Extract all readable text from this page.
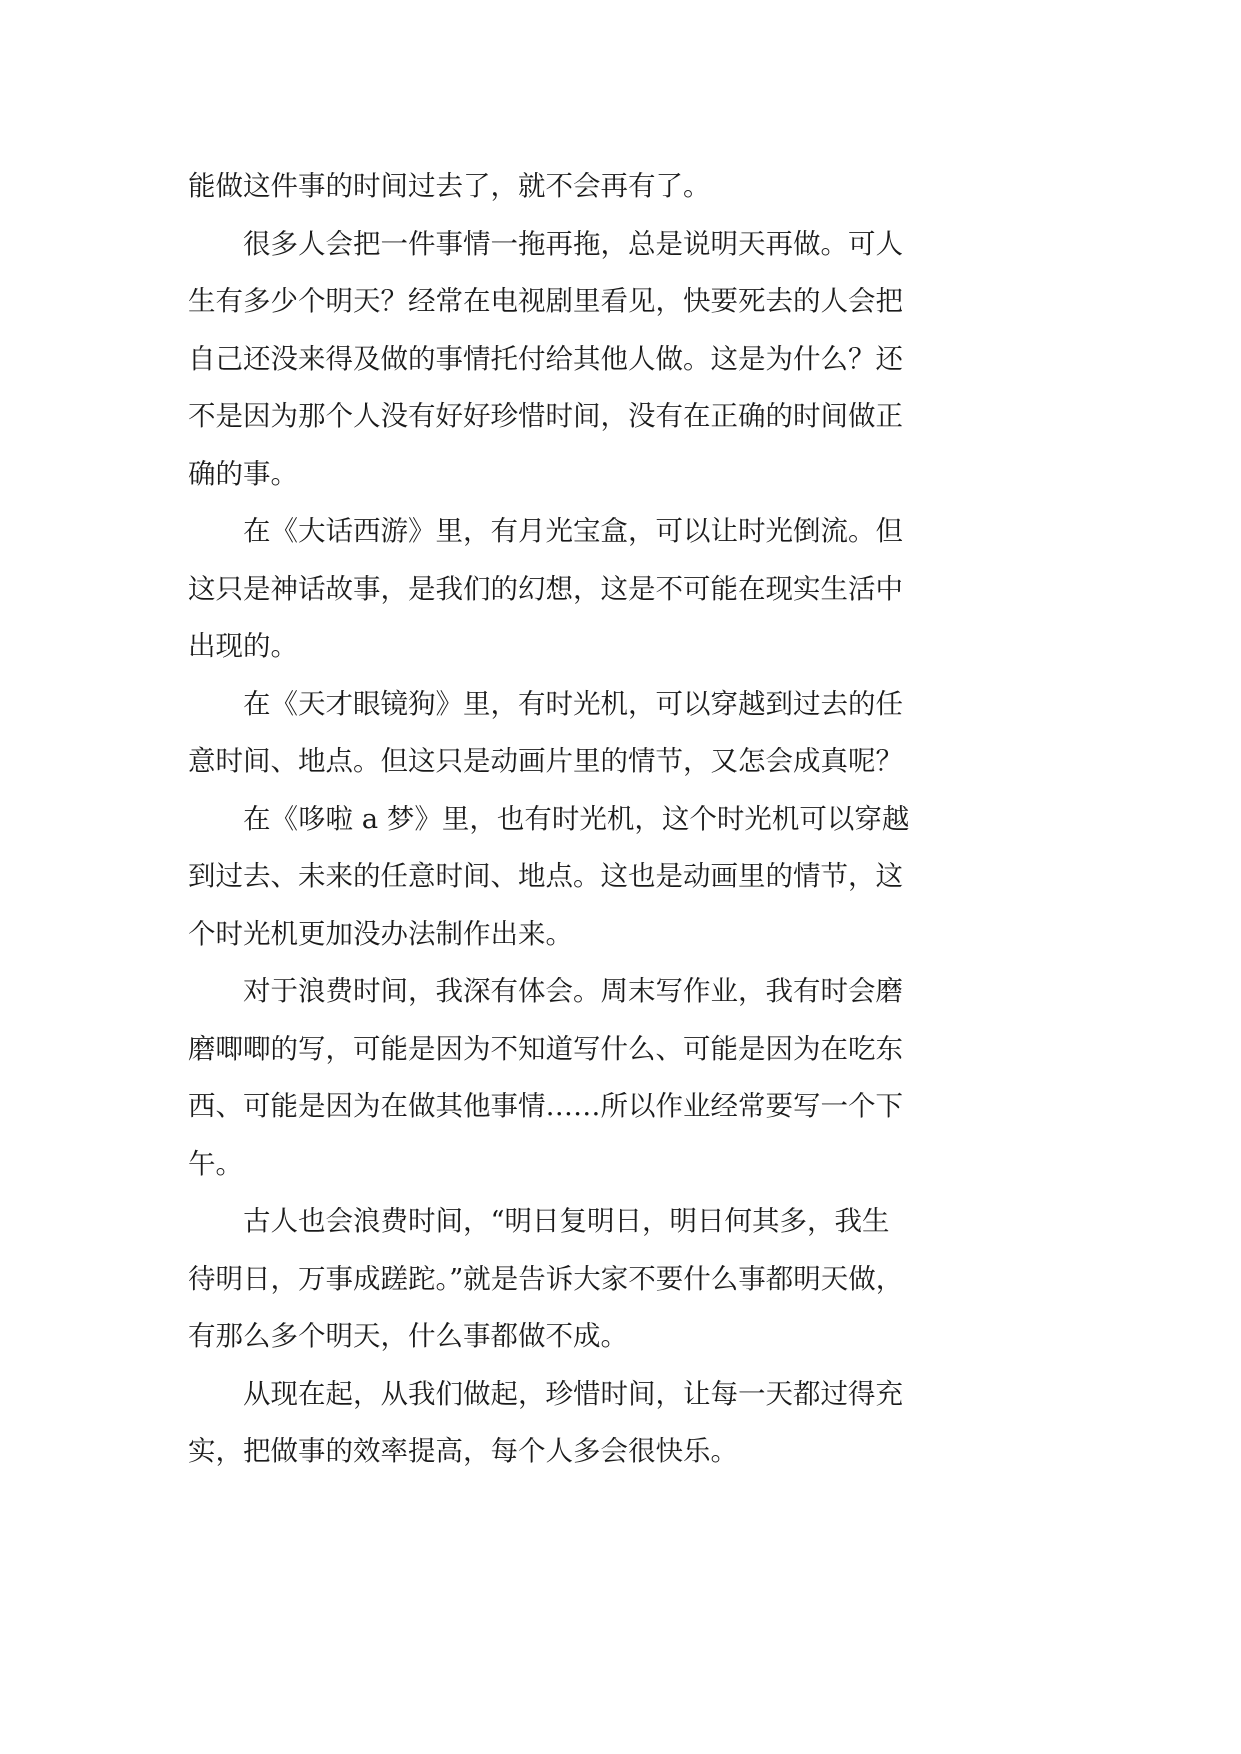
能做这件事的时间过去了，就不会再有了。
　　很多人会把一件事情一拖再拖，总是说明天再做。可人
生有多少个明天？经常在电视剧里看见，快要死去的人会把
自己还没来得及做的事情托付给其他人做。这是为什么？还
不是因为那个人没有好好珍惜时间，没有在正确的时间做正
确的事。
　　在《大话西游》里，有月光宝盒，可以让时光倒流。但
这只是神话故事，是我们的幻想，这是不可能在现实生活中
出现的。
　　在《天才眼镜狗》里，有时光机，可以穿越到过去的任
意时间、地点。但这只是动画片里的情节，又怎会成真呢？
　　在《哆啦 a 梦》里，也有时光机，这个时光机可以穿越
到过去、未来的任意时间、地点。这也是动画里的情节，这
个时光机更加没办法制作出来。
　　对于浪费时间，我深有体会。周末写作业，我有时会磨
磨唧唧的写，可能是因为不知道写什么、可能是因为在吃东
西、可能是因为在做其他事情……所以作业经常要写一个下
午。
　　古人也会浪费时间，“明日复明日，明日何其多，我生
待明日，万事成蹉跎。”就是告诉大家不要什么事都明天做，
有那么多个明天，什么事都做不成。
　　从现在起，从我们做起，珍惜时间，让每一天都过得充
实，把做事的效率提高，每个人多会很快乐。
